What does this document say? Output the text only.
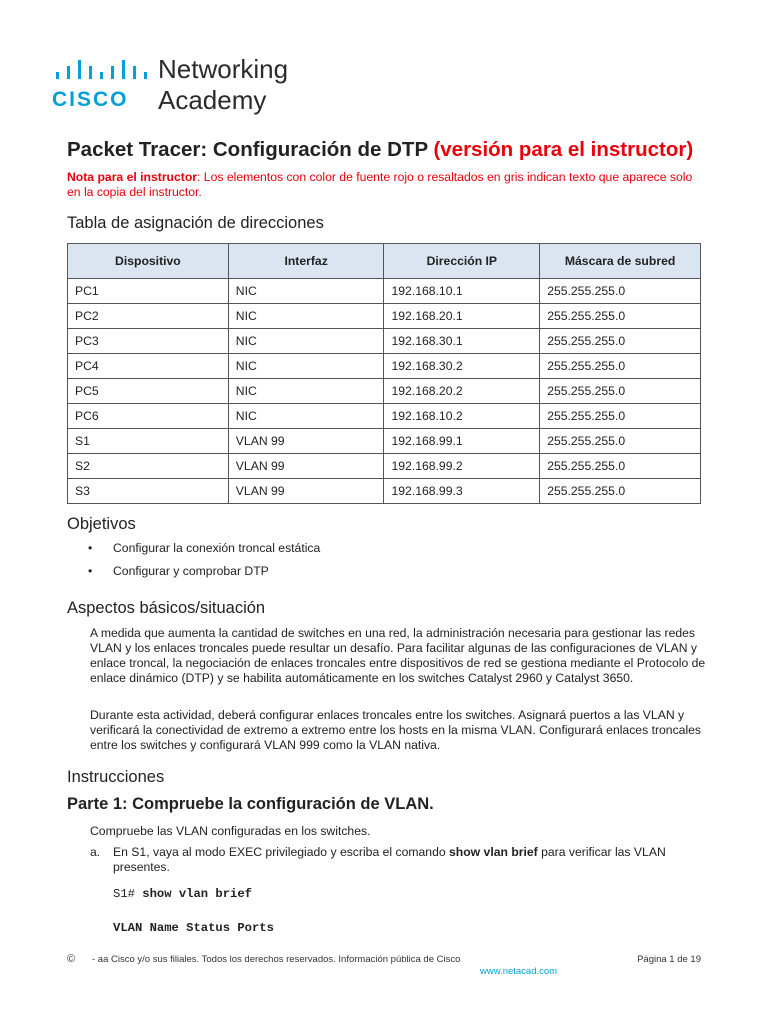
CISCO
Networking
Academy
Packet Tracer: Configuración de DTP (versión para el instructor)
Nota para el instructor: Los elementos con color de fuente rojo o resaltados en gris indican texto que aparece solo en la copia del instructor.
Tabla de asignación de direcciones
Dispositivo	Interfaz	Dirección IP	Máscara de subred
PC1	NIC	192.168.10.1	255.255.255.0
PC2	NIC	192.168.20.1	255.255.255.0
PC3	NIC	192.168.30.1	255.255.255.0
PC4	NIC	192.168.30.2	255.255.255.0
PC5	NIC	192.168.20.2	255.255.255.0
PC6	NIC	192.168.10.2	255.255.255.0
S1	VLAN 99	192.168.99.1	255.255.255.0
S2	VLAN 99	192.168.99.2	255.255.255.0
S3	VLAN 99	192.168.99.3	255.255.255.0
Objetivos
• Configurar la conexión troncal estática
• Configurar y comprobar DTP
Aspectos básicos/situación
A medida que aumenta la cantidad de switches en una red, la administración necesaria para gestionar las redes VLAN y los enlaces troncales puede resultar un desafío. Para facilitar algunas de las configuraciones de VLAN y enlace troncal, la negociación de enlaces troncales entre dispositivos de red se gestiona mediante el Protocolo de enlace dinámico (DTP) y se habilita automáticamente en los switches Catalyst 2960 y Catalyst 3650.
Durante esta actividad, deberá configurar enlaces troncales entre los switches. Asignará puertos a las VLAN y verificará la conectividad de extremo a extremo entre los hosts en la misma VLAN. Configurará enlaces troncales entre los switches y configurará VLAN 999 como la VLAN nativa.
Instrucciones
Parte 1: Compruebe la configuración de VLAN.
Compruebe las VLAN configuradas en los switches.
a. En S1, vaya al modo EXEC privilegiado y escriba el comando show vlan brief para verificar las VLAN presentes.
S1# show vlan brief
VLAN Name Status Ports
© - aa Cisco y/o sus filiales. Todos los derechos reservados. Información pública de Cisco	Página 1 de 19
www.netacad.com
